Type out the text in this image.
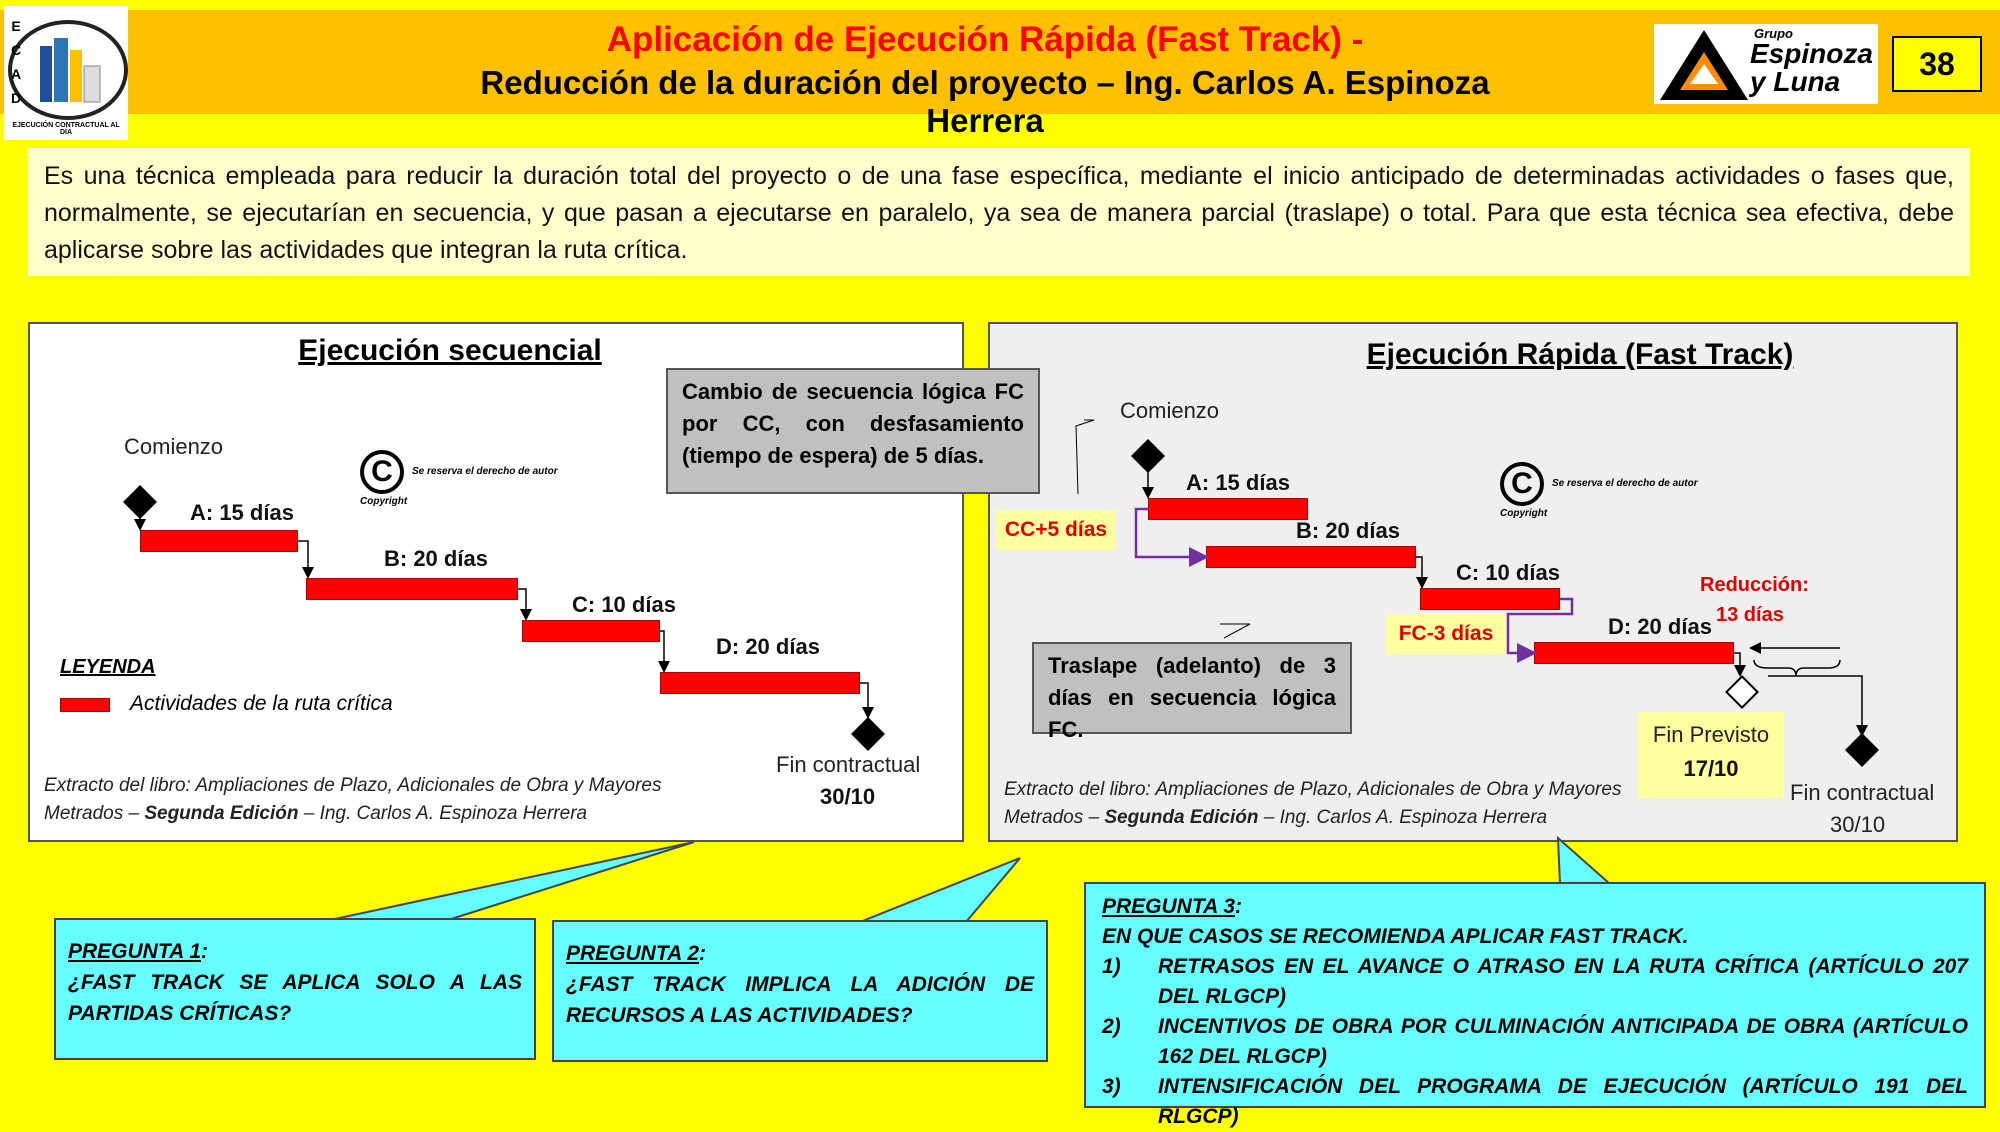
E
C
A
D
EJECUCIÓN CONTRACTUAL AL DÍA
Aplicación de Ejecución Rápida (Fast Track) -
Reducción de la duración del proyecto – Ing. Carlos A. Espinoza Herrera
Grupo
Espinoza
y Luna	38
Es una técnica empleada para reducir la duración total del proyecto o de una fase específica, mediante el inicio anticipado de determinadas actividades o fases que, normalmente, se ejecutarían en secuencia, y que pasan a ejecutarse en paralelo, ya sea de manera parcial (traslape) o total. Para que esta técnica sea efectiva, debe aplicarse sobre las actividades que integran la ruta crítica.
Ejecución secuencial
Comienzo
C
Copyright
Se reserva el derecho de autor
A: 15 días
B: 20 días
C: 10 días
D: 20 días
LEYENDA
Actividades de la ruta crítica
Fin contractual
30/10
Extracto del libro: Ampliaciones de Plazo, Adicionales de Obra y Mayores Metrados – Segunda Edición – Ing. Carlos A. Espinoza Herrera
Ejecución Rápida (Fast Track)
Comienzo
C
Copyright
Se reserva el derecho de autor
A: 15 días
B: 20 días
C: 10 días
D: 20 días
CC+5 días
FC-3 días
Reducción:
13 días
Fin Previsto
17/10
Fin contractual
30/10
Extracto del libro: Ampliaciones de Plazo, Adicionales de Obra y Mayores Metrados – Segunda Edición – Ing. Carlos A. Espinoza Herrera
Cambio de secuencia lógica FC por CC, con desfasamiento (tiempo de espera) de 5 días.
Traslape (adelanto) de 3 días en secuencia lógica FC.
PREGUNTA 1:
¿FAST TRACK SE APLICA SOLO A LAS PARTIDAS CRÍTICAS?
PREGUNTA 2:
¿FAST TRACK IMPLICA LA ADICIÓN DE RECURSOS A LAS ACTIVIDADES?
PREGUNTA 3:
EN QUE CASOS SE RECOMIENDA APLICAR FAST TRACK.
1)	RETRASOS EN EL AVANCE O ATRASO EN LA RUTA CRÍTICA (ARTÍCULO 207 DEL RLGCP)
2)	INCENTIVOS DE OBRA POR CULMINACIÓN ANTICIPADA DE OBRA (ARTÍCULO 162 DEL RLGCP)
3)	INTENSIFICACIÓN DEL PROGRAMA DE EJECUCIÓN (ARTÍCULO 191 DEL RLGCP)
